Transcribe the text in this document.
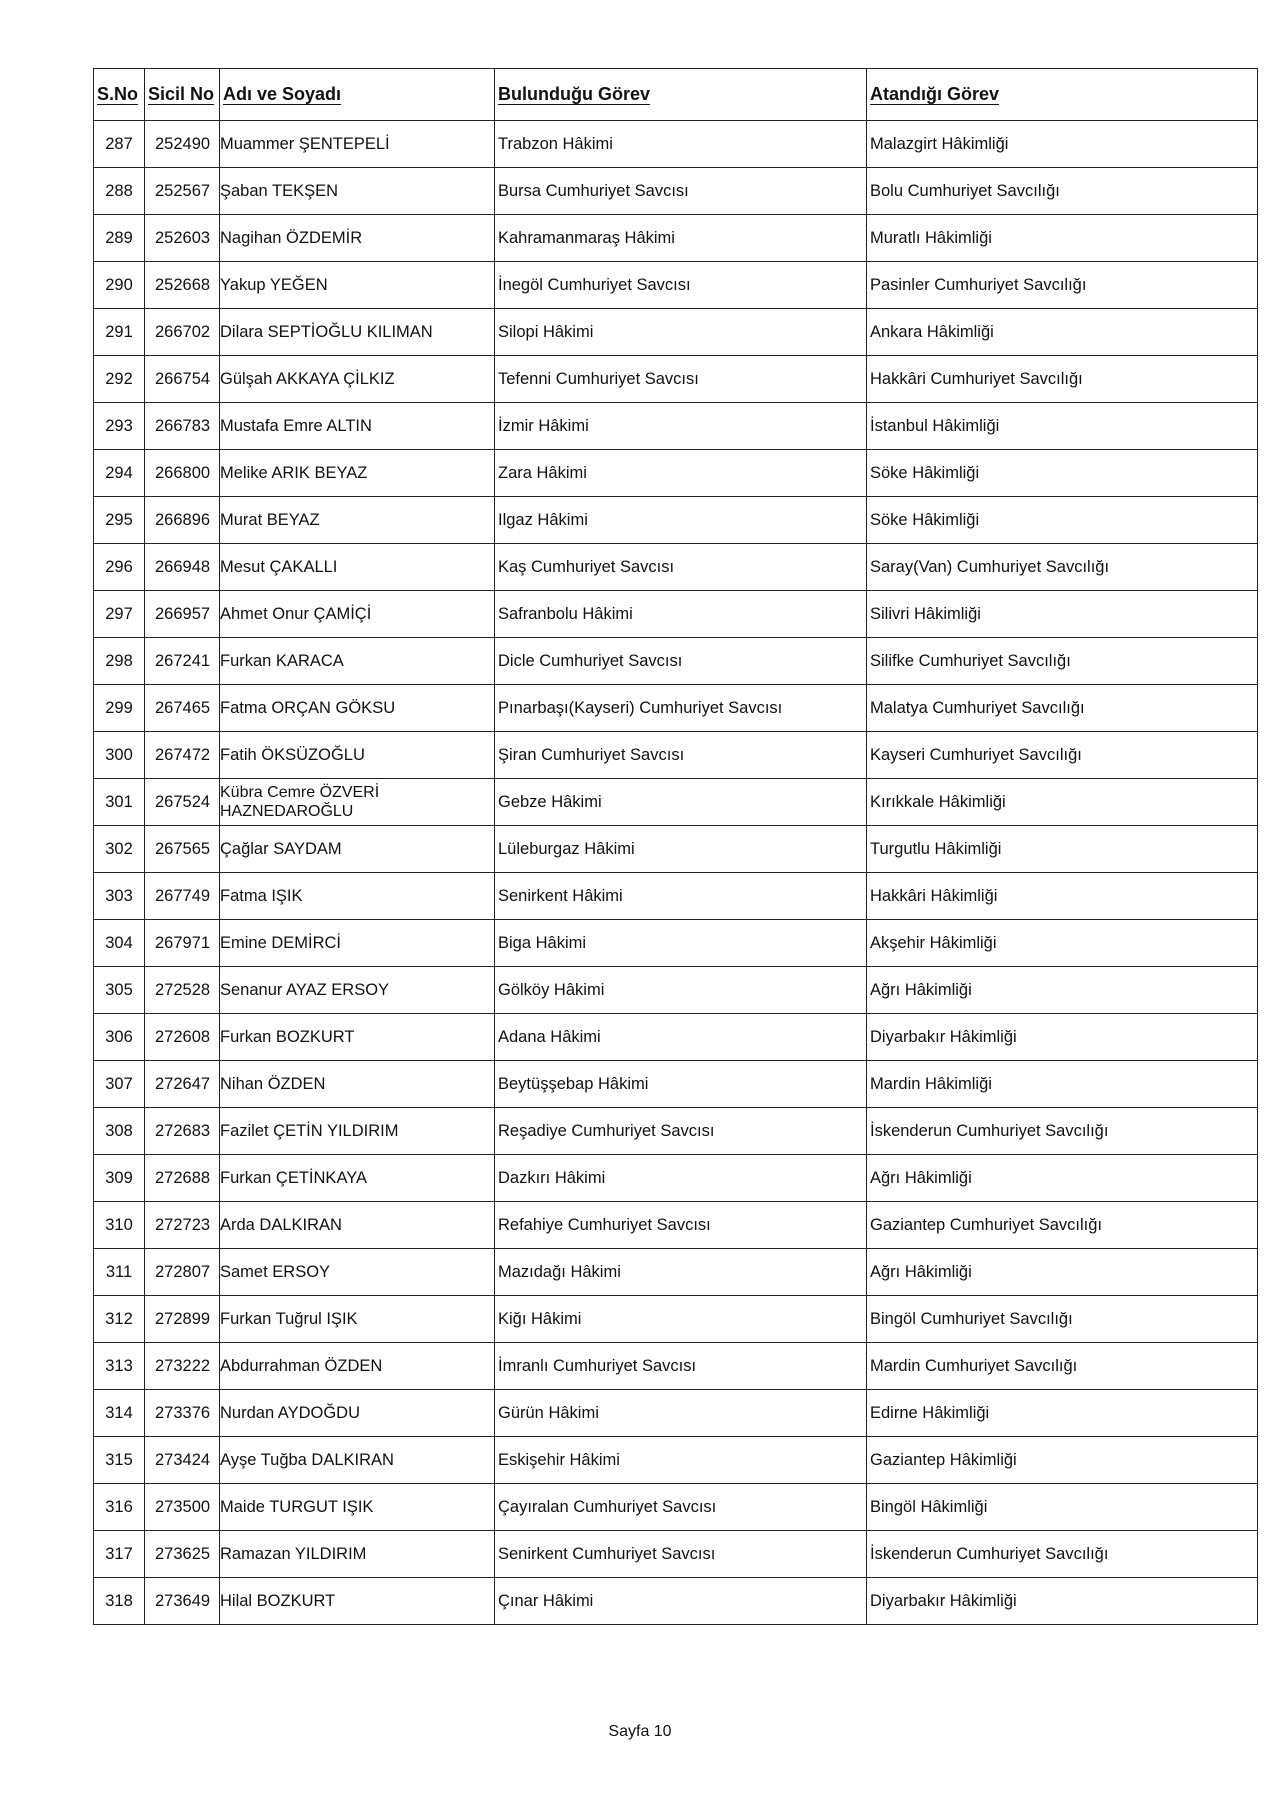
S.No	Sicil No	Adı ve Soyadı	Bulunduğu Görev	Atandığı Görev
287	252490	Muammer ŞENTEPELİ	Trabzon Hâkimi	Malazgirt Hâkimliği
288	252567	Şaban TEKŞEN	Bursa Cumhuriyet Savcısı	Bolu Cumhuriyet Savcılığı
289	252603	Nagihan ÖZDEMİR	Kahramanmaraş Hâkimi	Muratlı Hâkimliği
290	252668	Yakup YEĞEN	İnegöl Cumhuriyet Savcısı	Pasinler Cumhuriyet Savcılığı
291	266702	Dilara SEPTİOĞLU KILIMAN	Silopi Hâkimi	Ankara Hâkimliği
292	266754	Gülşah AKKAYA ÇİLKIZ	Tefenni Cumhuriyet Savcısı	Hakkâri Cumhuriyet Savcılığı
293	266783	Mustafa Emre ALTIN	İzmir Hâkimi	İstanbul Hâkimliği
294	266800	Melike ARIK BEYAZ	Zara Hâkimi	Söke Hâkimliği
295	266896	Murat BEYAZ	Ilgaz Hâkimi	Söke Hâkimliği
296	266948	Mesut ÇAKALLI	Kaş Cumhuriyet Savcısı	Saray(Van) Cumhuriyet Savcılığı
297	266957	Ahmet Onur ÇAMİÇİ	Safranbolu Hâkimi	Silivri Hâkimliği
298	267241	Furkan KARACA	Dicle Cumhuriyet Savcısı	Silifke Cumhuriyet Savcılığı
299	267465	Fatma ORÇAN GÖKSU	Pınarbaşı(Kayseri) Cumhuriyet Savcısı	Malatya Cumhuriyet Savcılığı
300	267472	Fatih ÖKSÜZOĞLU	Şiran Cumhuriyet Savcısı	Kayseri Cumhuriyet Savcılığı
301	267524	Kübra Cemre ÖZVERİ HAZNEDAROĞLU	Gebze Hâkimi	Kırıkkale Hâkimliği
302	267565	Çağlar SAYDAM	Lüleburgaz Hâkimi	Turgutlu Hâkimliği
303	267749	Fatma IŞIK	Senirkent Hâkimi	Hakkâri Hâkimliği
304	267971	Emine DEMİRCİ	Biga Hâkimi	Akşehir Hâkimliği
305	272528	Senanur AYAZ ERSOY	Gölköy Hâkimi	Ağrı Hâkimliği
306	272608	Furkan BOZKURT	Adana Hâkimi	Diyarbakır Hâkimliği
307	272647	Nihan ÖZDEN	Beytüşşebap Hâkimi	Mardin Hâkimliği
308	272683	Fazilet ÇETİN YILDIRIM	Reşadiye Cumhuriyet Savcısı	İskenderun Cumhuriyet Savcılığı
309	272688	Furkan ÇETİNKAYA	Dazkırı Hâkimi	Ağrı Hâkimliği
310	272723	Arda DALKIRAN	Refahiye Cumhuriyet Savcısı	Gaziantep Cumhuriyet Savcılığı
311	272807	Samet ERSOY	Mazıdağı Hâkimi	Ağrı Hâkimliği
312	272899	Furkan Tuğrul IŞIK	Kiğı Hâkimi	Bingöl Cumhuriyet Savcılığı
313	273222	Abdurrahman ÖZDEN	İmranlı Cumhuriyet Savcısı	Mardin Cumhuriyet Savcılığı
314	273376	Nurdan AYDOĞDU	Gürün Hâkimi	Edirne Hâkimliği
315	273424	Ayşe Tuğba DALKIRAN	Eskişehir Hâkimi	Gaziantep Hâkimliği
316	273500	Maide TURGUT IŞIK	Çayıralan Cumhuriyet Savcısı	Bingöl Hâkimliği
317	273625	Ramazan YILDIRIM	Senirkent Cumhuriyet Savcısı	İskenderun Cumhuriyet Savcılığı
318	273649	Hilal BOZKURT	Çınar Hâkimi	Diyarbakır Hâkimliği
Sayfa 10
